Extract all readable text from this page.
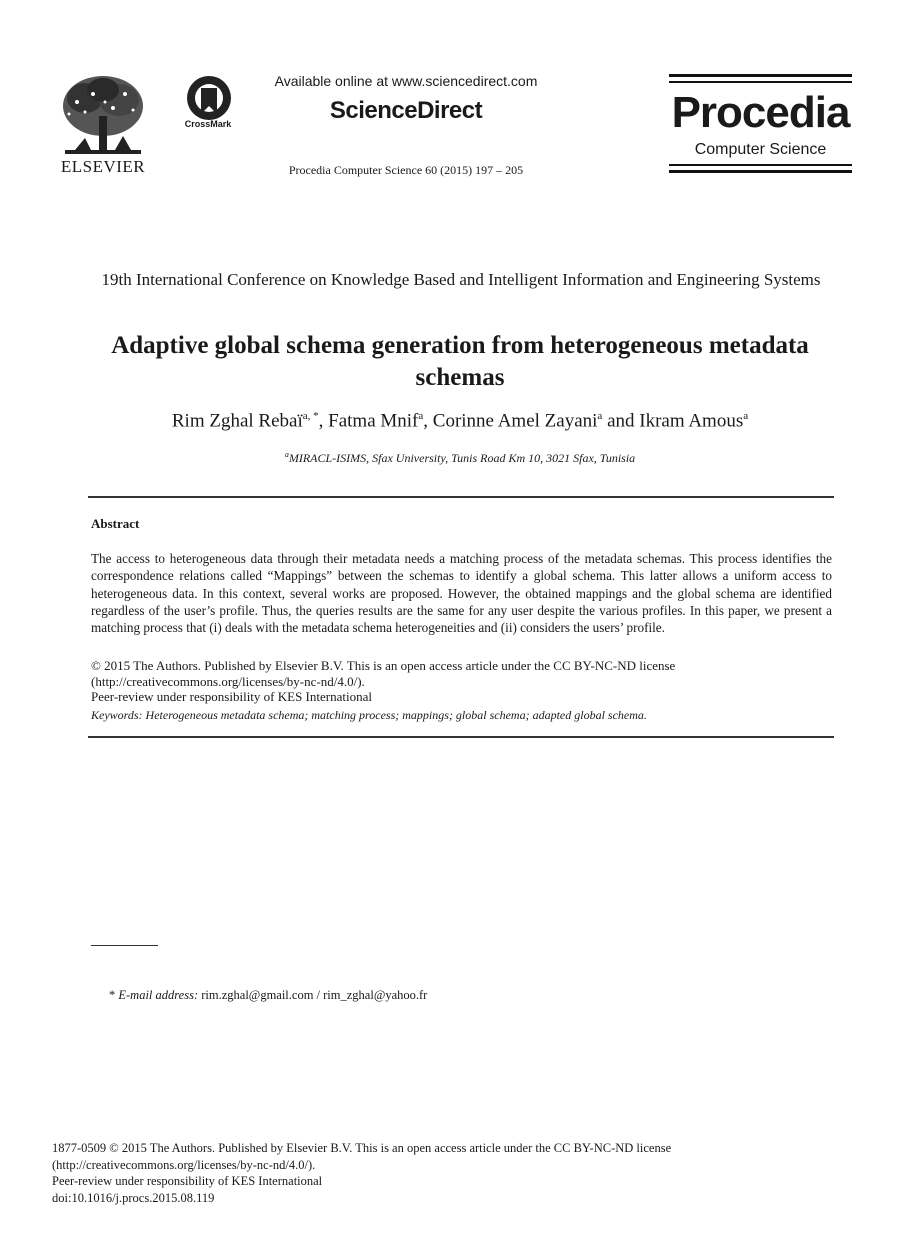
ELSEVIER
CrossMark
Available online at www.sciencedirect.com
ScienceDirect
Procedia Computer Science 60 (2015) 197 – 205
Procedia
Computer Science
19th International Conference on Knowledge Based and Intelligent Information and Engineering Systems
Adaptive global schema generation from heterogeneous metadata schemas
Rim Zghal Rebaï$^{a, *}$, Fatma Mnif$^a$, Corinne Amel Zayani$^a$ and Ikram Amous$^a$
$^a$MIRACL-ISIMS, Sfax University, Tunis Road Km 10, 3021 Sfax, Tunisia
Abstract
The access to heterogeneous data through their metadata needs a matching process of the metadata schemas. This process identifies the correspondence relations called “Mappings” between the schemas to identify a global schema. This latter allows a uniform access to heterogeneous data. In this context, several works are proposed. However, the obtained mappings and the global schema are identified regardless of the user’s profile. Thus, the queries results are the same for any user despite the various profiles. In this paper, we present a matching process that (i) deals with the metadata schema heterogeneities and (ii) considers the users’ profile.
© 2015 The Authors. Published by Elsevier B.V. This is an open access article under the CC BY-NC-ND license
(http://creativecommons.org/licenses/by-nc-nd/4.0/).
Peer-review under responsibility of KES International
Keywords: Heterogeneous metadata schema; matching process; mappings; global schema; adapted global schema.
* E-mail address: rim.zghal@gmail.com / rim_zghal@yahoo.fr
1877-0509 © 2015 The Authors. Published by Elsevier B.V. This is an open access article under the CC BY-NC-ND license
(http://creativecommons.org/licenses/by-nc-nd/4.0/).
Peer-review under responsibility of KES International
doi:10.1016/j.procs.2015.08.119
